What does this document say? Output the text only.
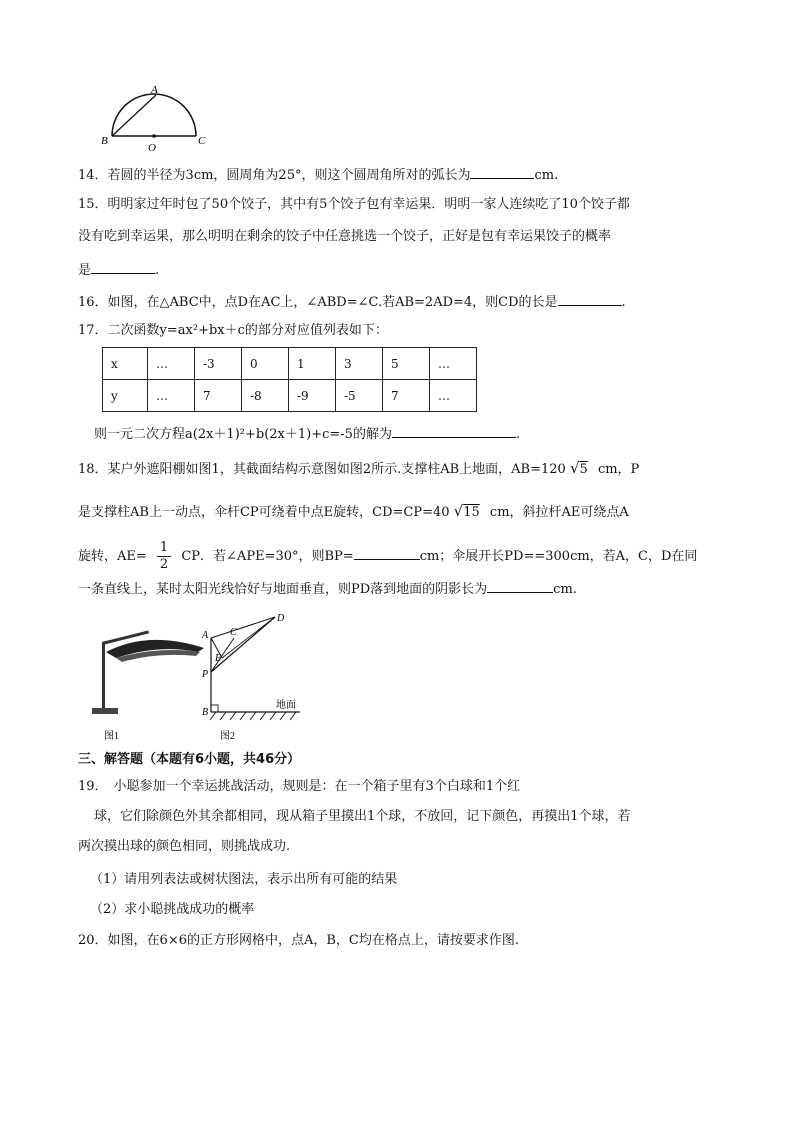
A
B
O
C
14．若圆的半径为3cm，圆周角为25°，则这个圆周角所对的弧长为	cm.
15．明明家过年时包了50个饺子，其中有5个饺子包有幸运果．明明一家人连续吃了10个饺子都
没有吃到幸运果，那么明明在剩余的饺子中任意挑选一个饺子，正好是包有幸运果饺子的概率
是	.
16．如图，在△ABC中，点D在AC上，∠ABD=∠C.若AB=2AD=4，则CD的长是	.
17．二次函数y=ax²+bx＋c的部分对应值列表如下：
x	…	-3	0	1	3	5	…
y	…	7	-8	-9	-5	7	…
则一元二次方程a(2x＋1)²+b(2x＋1)+c=-5的解为	.
18．某户外遮阳棚如图1，其截面结构示意图如图2所示.支撑柱AB上地面，AB=120 √5 cm，P
是支撑柱AB上一动点，伞杆CP可绕着中点E旋转，CD=CP=40 √15 cm，斜拉杆AE可绕点A
旋转，$AE= \frac{1}{2}$ CP．若∠APE=30°，则BP=	cm；伞展开长PD==300cm，若A，C，D在同
一条直线上，某时太阳光线恰好与地面垂直，则PD落到地面的阴影长为	cm.
图1
A C
D
E
P
B
地面
图2
三、解答题（本题有6小题，共46分）
19． 小聪参加一个幸运挑战活动，规则是：在一个箱子里有3个白球和1个红
球，它们除颜色外其余都相同，现从箱子里摸出1个球，不放回，记下颜色，再摸出1个球，若
两次摸出球的颜色相同，则挑战成功.
（1）请用列表法或树状图法，表示出所有可能的结果
（2）求小聪挑战成功的概率
20．如图，在6×6的正方形网格中，点A，B，C均在格点上，请按要求作图.
